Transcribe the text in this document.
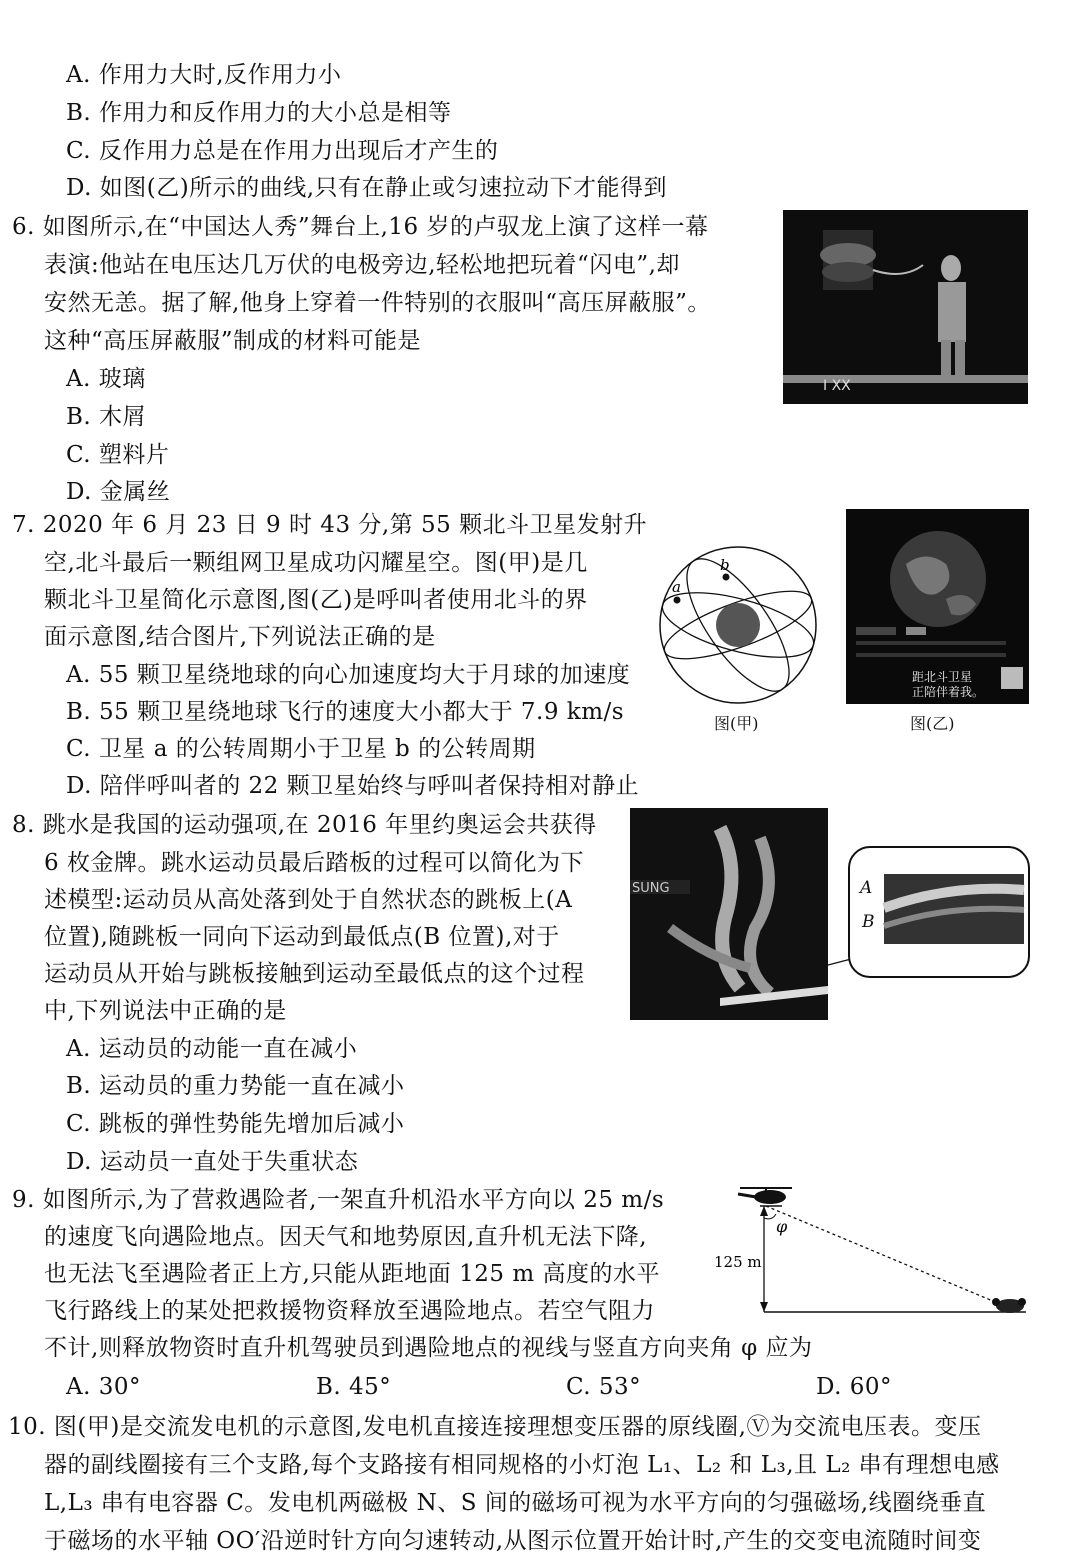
A. 作用力大时,反作用力小
B. 作用力和反作用力的大小总是相等
C. 反作用力总是在作用力出现后才产生的
D. 如图(乙)所示的曲线,只有在静止或匀速拉动下才能得到
6. 如图所示,在“中国达人秀”舞台上,16 岁的卢驭龙上演了这样一幕
表演:他站在电压达几万伏的电极旁边,轻松地把玩着“闪电”,却
安然无恙。据了解,他身上穿着一件特别的衣服叫“高压屏蔽服”。
这种“高压屏蔽服”制成的材料可能是
A. 玻璃
B. 木屑
C. 塑料片
D. 金属丝
I XX
7. 2020 年 6 月 23 日 9 时 43 分,第 55 颗北斗卫星发射升
空,北斗最后一颗组网卫星成功闪耀星空。图(甲)是几
颗北斗卫星简化示意图,图(乙)是呼叫者使用北斗的界
面示意图,结合图片,下列说法正确的是
A. 55 颗卫星绕地球的向心加速度均大于月球的加速度
B. 55 颗卫星绕地球飞行的速度大小都大于 7.9 km/s
C. 卫星 a 的公转周期小于卫星 b 的公转周期
D. 陪伴呼叫者的 22 颗卫星始终与呼叫者保持相对静止
b
a
图(甲)
距北斗卫星
正陪伴着我。
图(乙)
8. 跳水是我国的运动强项,在 2016 年里约奥运会共获得
6 枚金牌。跳水运动员最后踏板的过程可以简化为下
述模型:运动员从高处落到处于自然状态的跳板上(A
位置),随跳板一同向下运动到最低点(B 位置),对于
运动员从开始与跳板接触到运动至最低点的这个过程
中,下列说法中正确的是
A. 运动员的动能一直在减小
B. 运动员的重力势能一直在减小
C. 跳板的弹性势能先增加后减小
D. 运动员一直处于失重状态
SUNG	A
B
9. 如图所示,为了营救遇险者,一架直升机沿水平方向以 25 m/s
的速度飞向遇险地点。因天气和地势原因,直升机无法下降,
也无法飞至遇险者正上方,只能从距地面 125 m 高度的水平
飞行路线上的某处把救援物资释放至遇险地点。若空气阻力
不计,则释放物资时直升机驾驶员到遇险地点的视线与竖直方向夹角 φ 应为
A. 30°	B. 45°	C. 53°	D. 60°
125 m
φ
10. 图(甲)是交流发电机的示意图,发电机直接连接理想变压器的原线圈,Ⓥ为交流电压表。变压
器的副线圈接有三个支路,每个支路接有相同规格的小灯泡 L₁、L₂ 和 L₃,且 L₂ 串有理想电感
L,L₃ 串有电容器 C。发电机两磁极 N、S 间的磁场可视为水平方向的匀强磁场,线圈绕垂直
于磁场的水平轴 OO′沿逆时针方向匀速转动,从图示位置开始计时,产生的交变电流随时间变
